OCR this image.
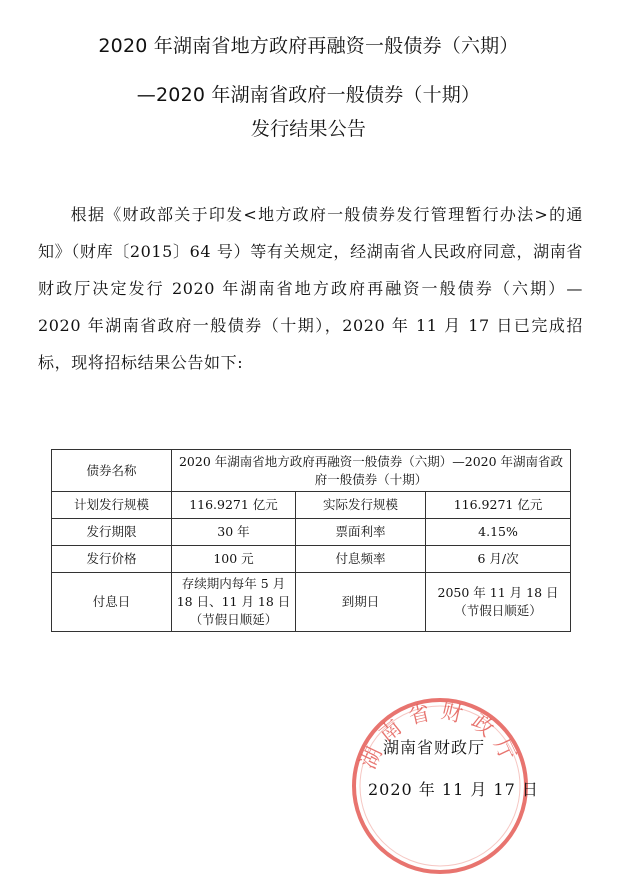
2020 年湖南省地方政府再融资一般债券（六期）
—2020 年湖南省政府一般债券（十期）
发行结果公告
根据《财政部关于印发<地方政府一般债券发行管理暂行办法>的通知》（财库〔2015〕64 号）等有关规定，经湖南省人民政府同意，湖南省财政厅决定发行 2020 年湖南省地方政府再融资一般债券（六期）—2020 年湖南省政府一般债券（十期），2020 年 11 月 17 日已完成招标，现将招标结果公告如下:
债券名称	2020 年湖南省地方政府再融资一般债券（六期）—2020 年湖南省政府一般债券（十期）		
计划发行规模	116.9271 亿元	实际发行规模	116.9271 亿元
发行期限	30 年	票面利率	4.15%
发行价格	100 元	付息频率	6 月/次
付息日	存续期内每年 5 月 18 日、11 月 18 日（节假日顺延）	到期日	2050 年 11 月 18 日（节假日顺延）
湖南省财政厅
湖南省财政厅
2020 年 11 月 17 日
